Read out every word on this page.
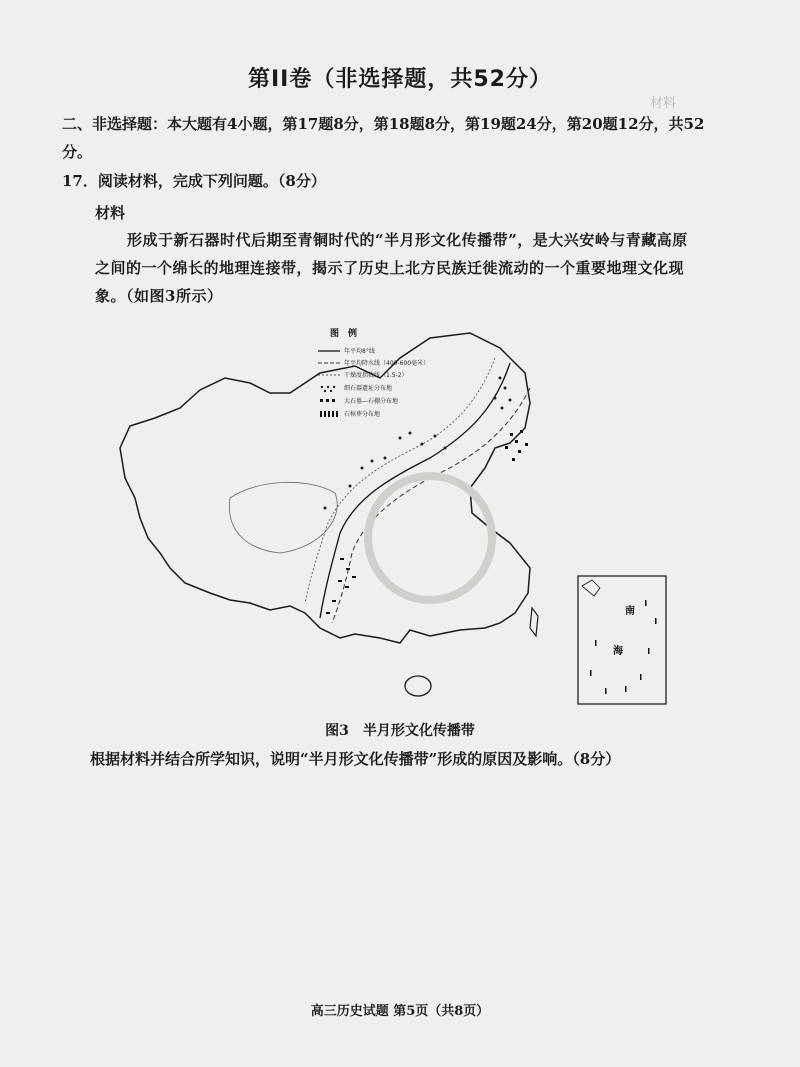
材料
第II卷（非选择题，共52分）
二、非选择题：本大题有4小题，第17题8分，第18题8分，第19题24分，第20题12分，共52分。
17．阅读材料，完成下列问题。（8分）
材料
形成于新石器时代后期至青铜时代的“半月形文化传播带”，是大兴安岭与青藏高原之间的一个绵长的地理连接带，揭示了历史上北方民族迁徙流动的一个重要地理文化现象。（如图3所示）
图　例
年平均8°线
年平均降水线（400-600毫米）
干燥度指数线（1.5-2）
细石器遗址分布地
大石墓—石棚分布地
石棺葬分布地
南
海
图3　半月形文化传播带
根据材料并结合所学知识，说明“半月形文化传播带”形成的原因及影响。（8分）
高三历史试题 第5页（共8页）
